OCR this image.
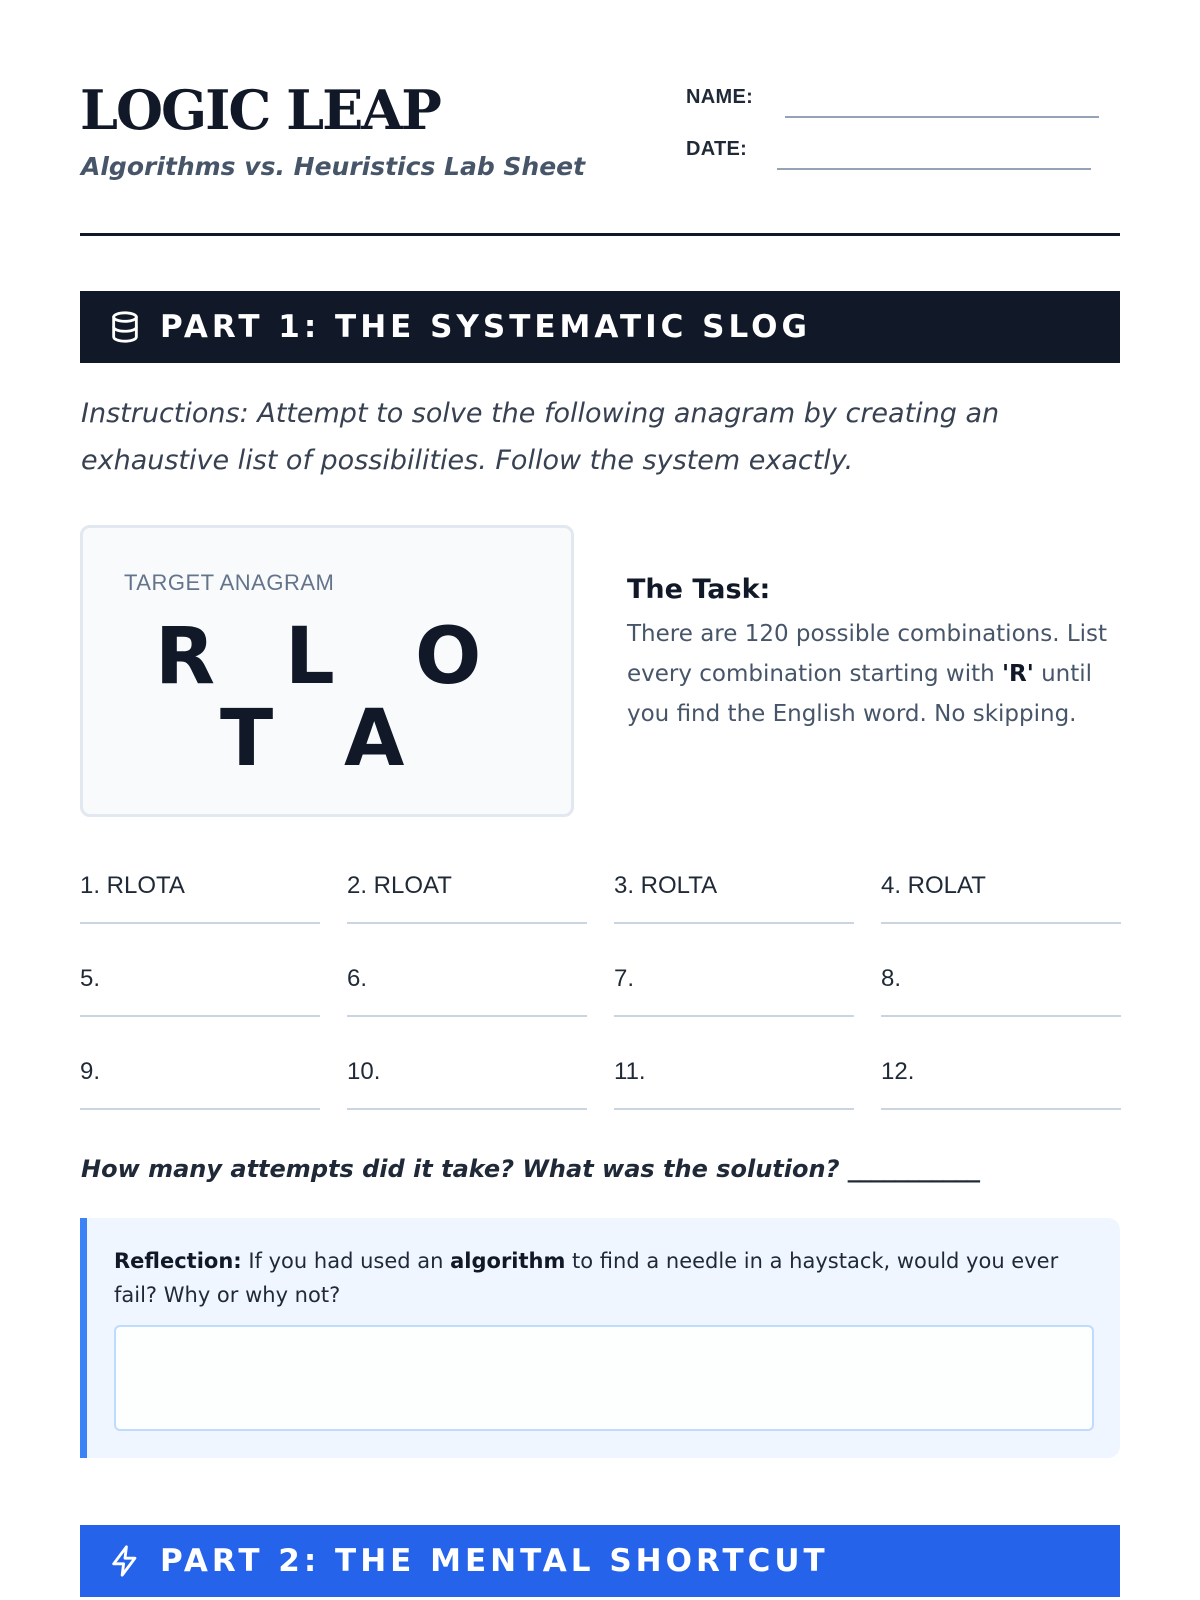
LOGIC LEAP
Algorithms vs. Heuristics Lab Sheet
NAME:
DATE:
PART 1: THE SYSTEMATIC SLOG
Instructions: Attempt to solve the following anagram by creating an exhaustive list of possibilities. Follow the system exactly.
TARGET ANAGRAM
R L O
T A
The Task:
There are 120 possible combinations. List every combination starting with 'R' until you find the English word. No skipping.
1. RLOTA	2. RLOAT	3. ROLTA	4. ROLAT
5.	6.	7.	8.
9.	10.	11.	12.
How many attempts did it take? What was the solution? ___________
Reflection: If you had used an algorithm to find a needle in a haystack, would you ever fail? Why or why not?
PART 2: THE MENTAL SHORTCUT
